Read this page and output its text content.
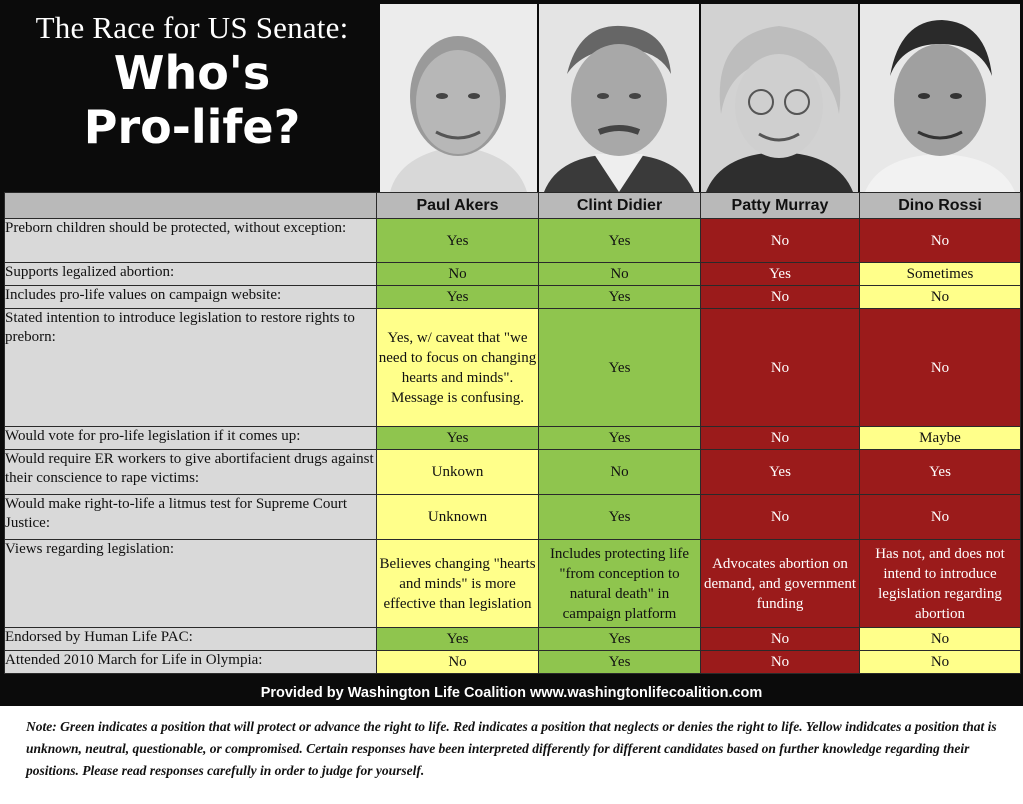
The Race for US Senate:
Who's
Pro-life?
	Paul Akers	Clint Didier	Patty Murray	Dino Rossi
Preborn children should be protected, without exception:	Yes	Yes	No	No
Supports legalized abortion:	No	No	Yes	Sometimes
Includes pro-life values on campaign website:	Yes	Yes	No	No
Stated intention to introduce legislation to restore rights to preborn:	Yes, w/ caveat that "we need to focus on changing hearts and minds". Message is confusing.	Yes	No	No
Would vote for pro-life legislation if it comes up:	Yes	Yes	No	Maybe
Would require ER workers to give abortifacient drugs against their conscience to rape victims:	Unkown	No	Yes	Yes
Would make right-to-life a litmus test for Supreme Court Justice:	Unknown	Yes	No	No
Views regarding legislation:	Believes changing "hearts and minds" is more effective than legislation	Includes protecting life "from conception to natural death" in campaign platform	Advocates abortion on demand, and government funding	Has not, and does not intend to introduce legislation regarding abortion
Endorsed by Human Life PAC:	Yes	Yes	No	No
Attended 2010 March for Life in Olympia:	No	Yes	No	No
Provided by Washington Life Coalition www.washingtonlifecoalition.com
Note: Green indicates a position that will protect or advance the right to life. Red indicates a position that neglects or denies the right to life. Yellow indidcates a position that is unknown, neutral, questionable, or compromised. Certain responses have been interpreted differently for different candidates based on further knowledge regarding their positions. Please read responses carefully in order to judge for yourself.
